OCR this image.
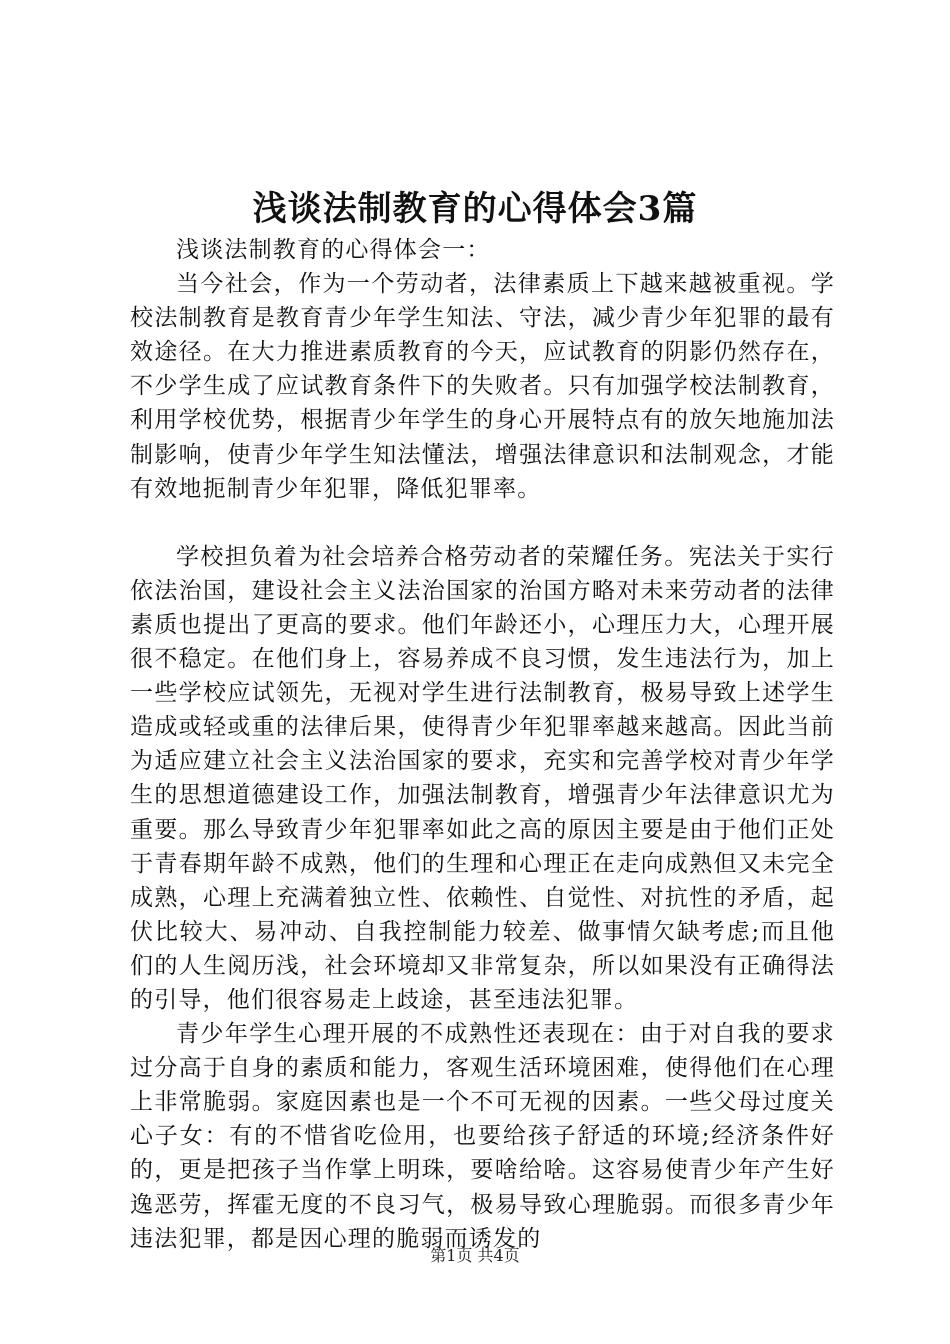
浅谈法制教育的心得体会3篇

浅谈法制教育的心得体会一：

当今社会，作为一个劳动者，法律素质上下越来越被重视。学校法制教育是教育青少年学生知法、守法，减少青少年犯罪的最有效途径。在大力推进素质教育的今天，应试教育的阴影仍然存在，不少学生成了应试教育条件下的失败者。只有加强学校法制教育，利用学校优势，根据青少年学生的身心开展特点有的放矢地施加法制影响，使青少年学生知法懂法，增强法律意识和法制观念，才能有效地扼制青少年犯罪，降低犯罪率。

学校担负着为社会培养合格劳动者的荣耀任务。宪法关于实行依法治国，建设社会主义法治国家的治国方略对未来劳动者的法律素质也提出了更高的要求。他们年龄还小，心理压力大，心理开展很不稳定。在他们身上，容易养成不良习惯，发生违法行为，加上一些学校应试领先，无视对学生进行法制教育，极易导致上述学生造成或轻或重的法律后果，使得青少年犯罪率越来越高。因此当前为适应建立社会主义法治国家的要求，充实和完善学校对青少年学生的思想道德建设工作，加强法制教育，增强青少年法律意识尤为重要。那么导致青少年犯罪率如此之高的原因主要是由于他们正处于青春期年龄不成熟，他们的生理和心理正在走向成熟但又未完全成熟，心理上充满着独立性、依赖性、自觉性、对抗性的矛盾，起伏比较大、易冲动、自我控制能力较差、做事情欠缺考虑;而且他们的人生阅历浅，社会环境却又非常复杂，所以如果没有正确得法的引导，他们很容易走上歧途，甚至违法犯罪。

青少年学生心理开展的不成熟性还表现在：由于对自我的要求过分高于自身的素质和能力，客观生活环境困难，使得他们在心理上非常脆弱。家庭因素也是一个不可无视的因素。一些父母过度关心子女：有的不惜省吃俭用，也要给孩子舒适的环境;经济条件好的，更是把孩子当作掌上明珠，要啥给啥。这容易使青少年产生好逸恶劳，挥霍无度的不良习气，极易导致心理脆弱。而很多青少年违法犯罪，都是因心理的脆弱而诱发的

第1页 共4页
